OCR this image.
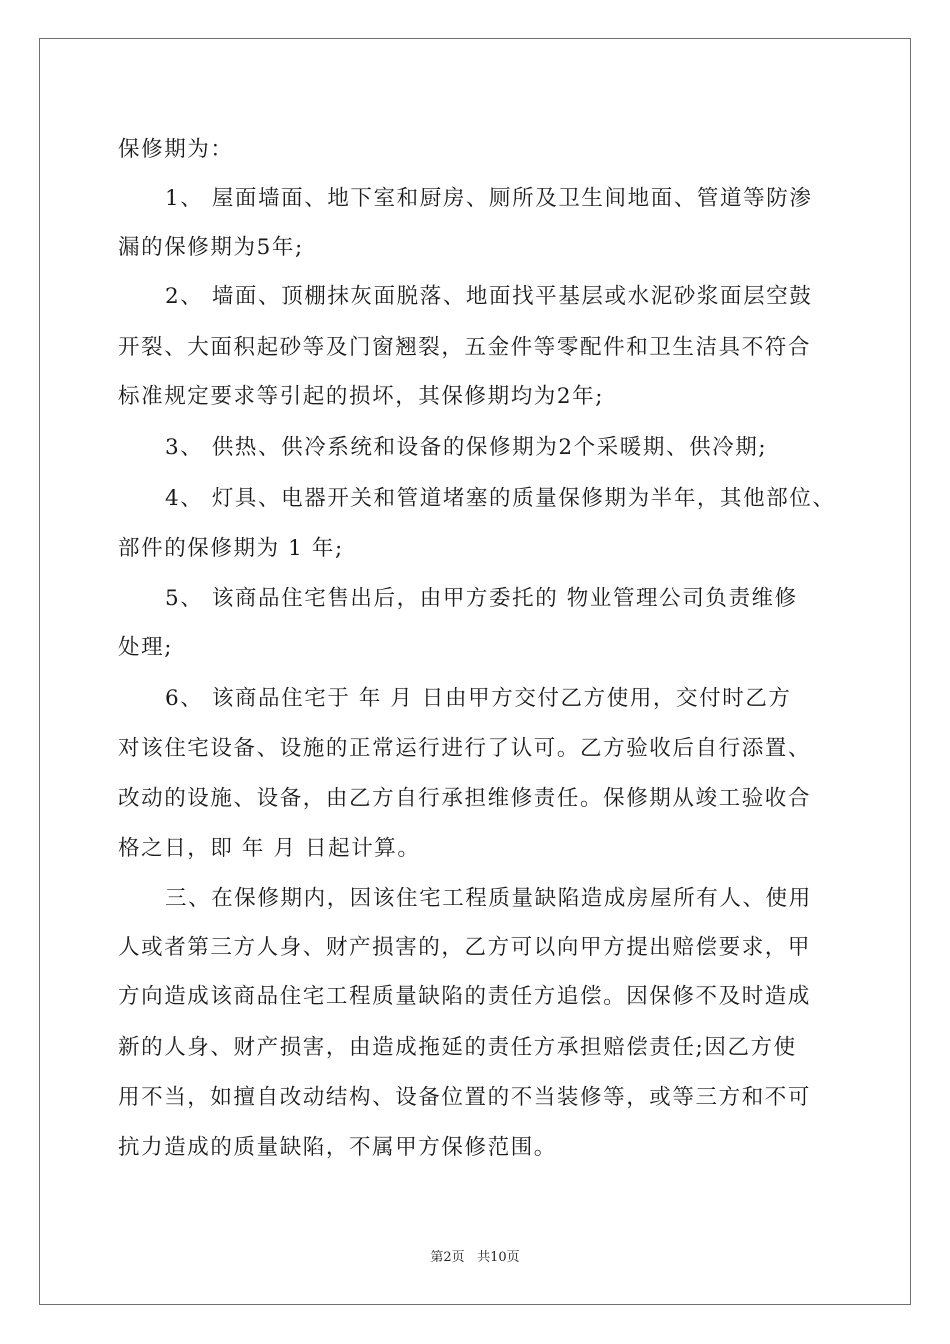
保修期为：
1、 屋面墙面、地下室和厨房、厕所及卫生间地面、管道等防渗
漏的保修期为5年;
2、 墙面、顶棚抹灰面脱落、地面找平基层或水泥砂浆面层空鼓
开裂、大面积起砂等及门窗翘裂，五金件等零配件和卫生洁具不符合
标准规定要求等引起的损坏，其保修期均为2年;
3、 供热、供冷系统和设备的保修期为2个采暖期、供冷期;
4、 灯具、电器开关和管道堵塞的质量保修期为半年，其他部位、
部件的保修期为 1 年;
5、 该商品住宅售出后，由甲方委托的 物业管理公司负责维修
处理;
6、 该商品住宅于 年 月 日由甲方交付乙方使用，交付时乙方
对该住宅设备、设施的正常运行进行了认可。乙方验收后自行添置、
改动的设施、设备，由乙方自行承担维修责任。保修期从竣工验收合
格之日，即 年 月 日起计算。
三、在保修期内，因该住宅工程质量缺陷造成房屋所有人、使用
人或者第三方人身、财产损害的，乙方可以向甲方提出赔偿要求，甲
方向造成该商品住宅工程质量缺陷的责任方追偿。因保修不及时造成
新的人身、财产损害，由造成拖延的责任方承担赔偿责任;因乙方使
用不当，如擅自改动结构、设备位置的不当装修等，或等三方和不可
抗力造成的质量缺陷，不属甲方保修范围。
第2页 共10页
